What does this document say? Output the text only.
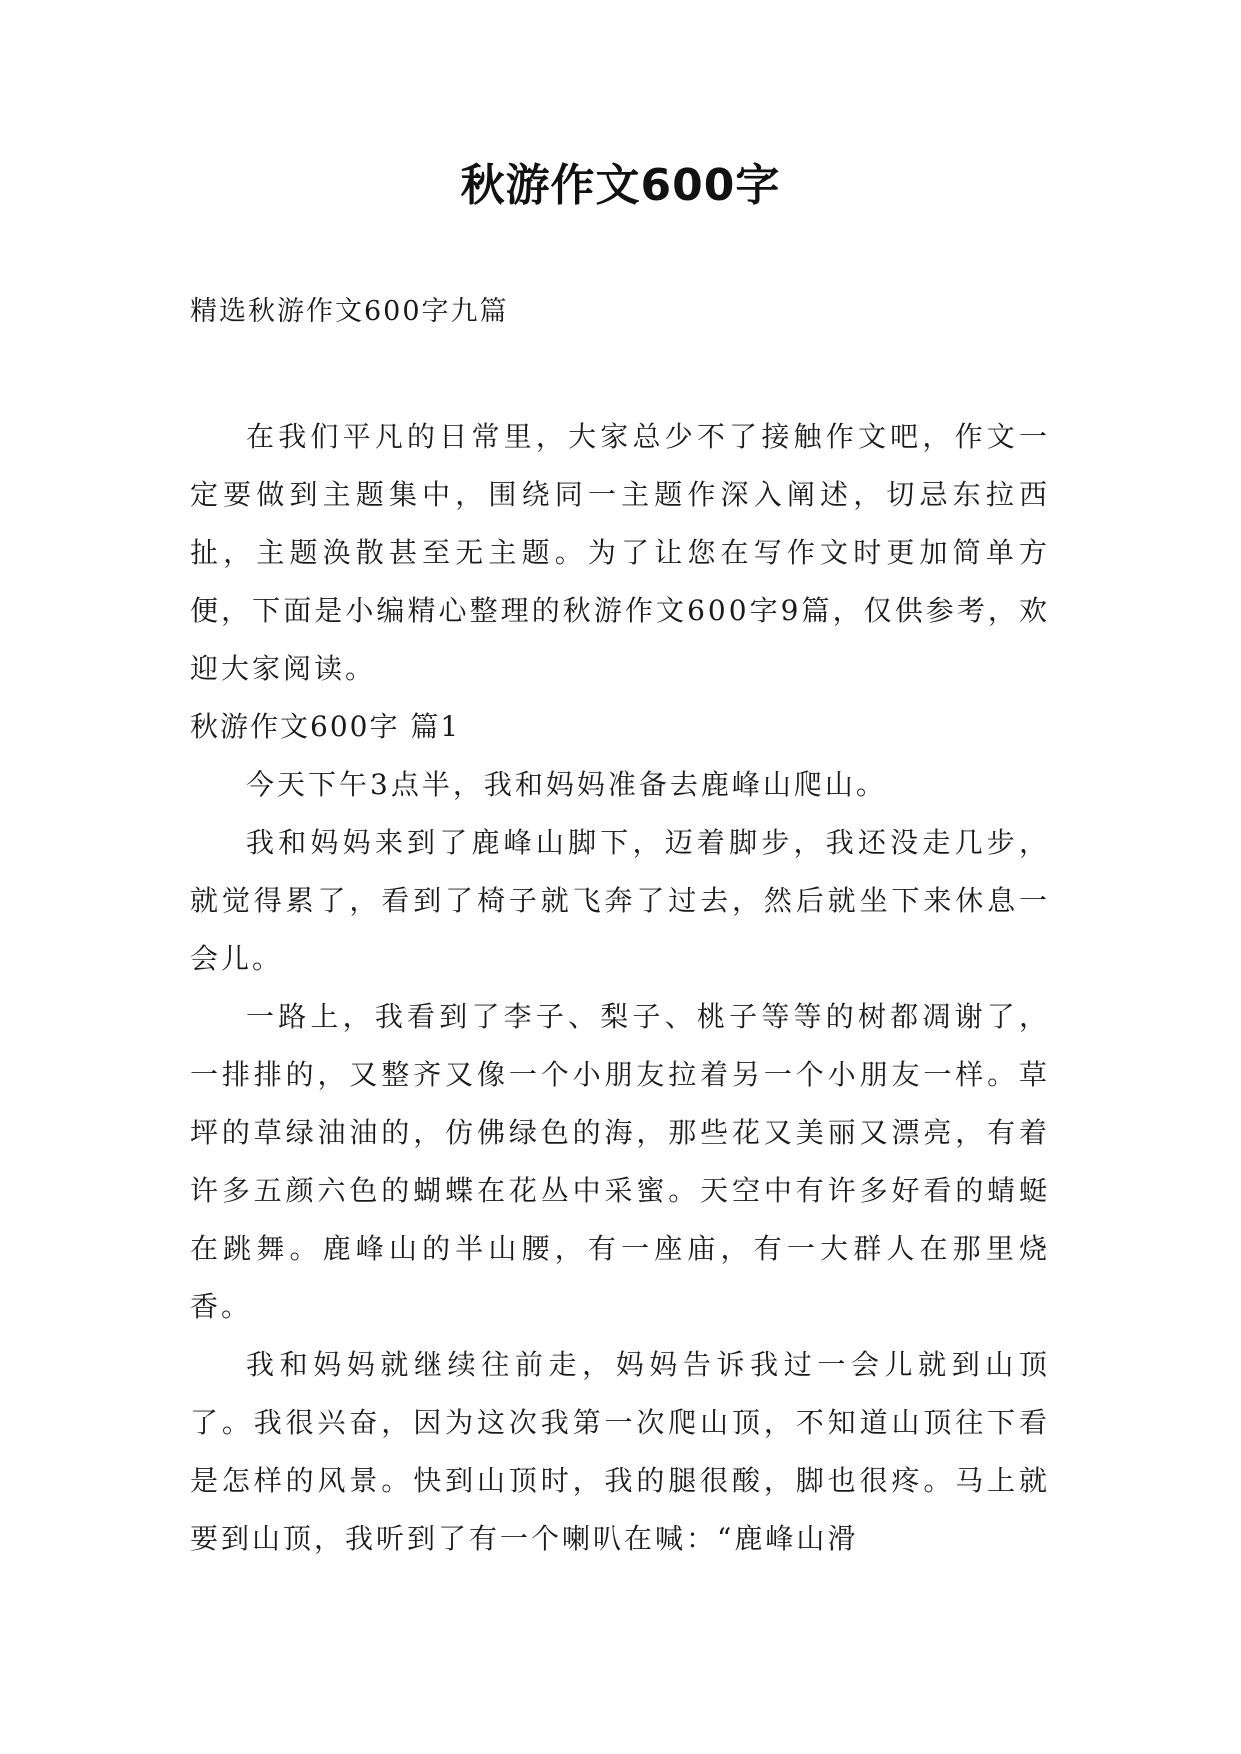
秋游作文600字
精选秋游作文600字九篇

在我们平凡的日常里，大家总少不了接触作文吧，作文一定要做到主题集中，围绕同一主题作深入阐述，切忌东拉西扯，主题涣散甚至无主题。为了让您在写作文时更加简单方便，下面是小编精心整理的秋游作文600字9篇，仅供参考，欢迎大家阅读。

秋游作文600字 篇1

今天下午3点半，我和妈妈准备去鹿峰山爬山。

我和妈妈来到了鹿峰山脚下，迈着脚步，我还没走几步，就觉得累了，看到了椅子就飞奔了过去，然后就坐下来休息一会儿。

一路上，我看到了李子、梨子、桃子等等的树都凋谢了，一排排的，又整齐又像一个小朋友拉着另一个小朋友一样。草坪的草绿油油的，仿佛绿色的海，那些花又美丽又漂亮，有着许多五颜六色的蝴蝶在花丛中采蜜。天空中有许多好看的蜻蜓在跳舞。鹿峰山的半山腰，有一座庙，有一大群人在那里烧香。

我和妈妈就继续往前走，妈妈告诉我过一会儿就到山顶了。我很兴奋，因为这次我第一次爬山顶，不知道山顶往下看是怎样的风景。快到山顶时，我的腿很酸，脚也很疼。马上就要到山顶，我听到了有一个喇叭在喊：“鹿峰山滑
